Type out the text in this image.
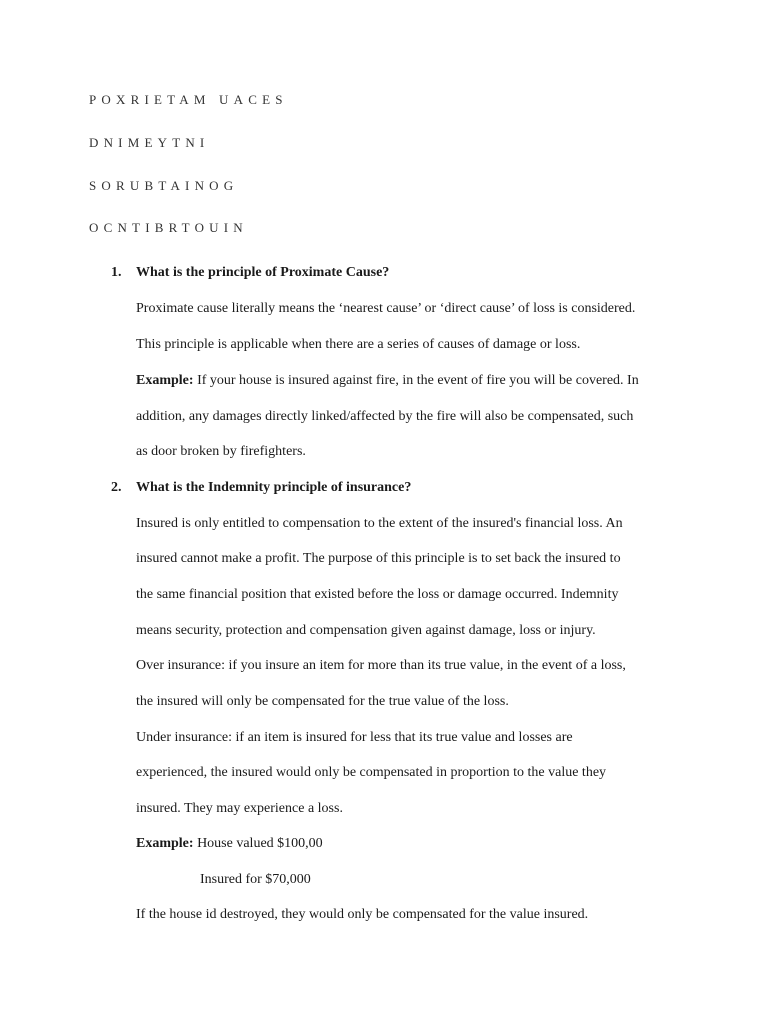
POXRIETAM UACES
DNIMEYTNI
SORUBTAINOG
OCNTIBRTOUIN
1. What is the principle of Proximate Cause?
Proximate cause literally means the ‘nearest cause’ or ‘direct cause’ of loss is considered.
This principle is applicable when there are a series of causes of damage or loss.
Example: If your house is insured against fire, in the event of fire you will be covered. In
addition, any damages directly linked/affected by the fire will also be compensated, such
as door broken by firefighters.
2. What is the Indemnity principle of insurance?
Insured is only entitled to compensation to the extent of the insured's financial loss. An
insured cannot make a profit. The purpose of this principle is to set back the insured to
the same financial position that existed before the loss or damage occurred. Indemnity
means security, protection and compensation given against damage, loss or injury.
Over insurance: if you insure an item for more than its true value, in the event of a loss,
the insured will only be compensated for the true value of the loss.
Under insurance: if an item is insured for less that its true value and losses are
experienced, the insured would only be compensated in proportion to the value they
insured. They may experience a loss.
Example: House valued $100,00
Insured for $70,000
If the house id destroyed, they would only be compensated for the value insured.
